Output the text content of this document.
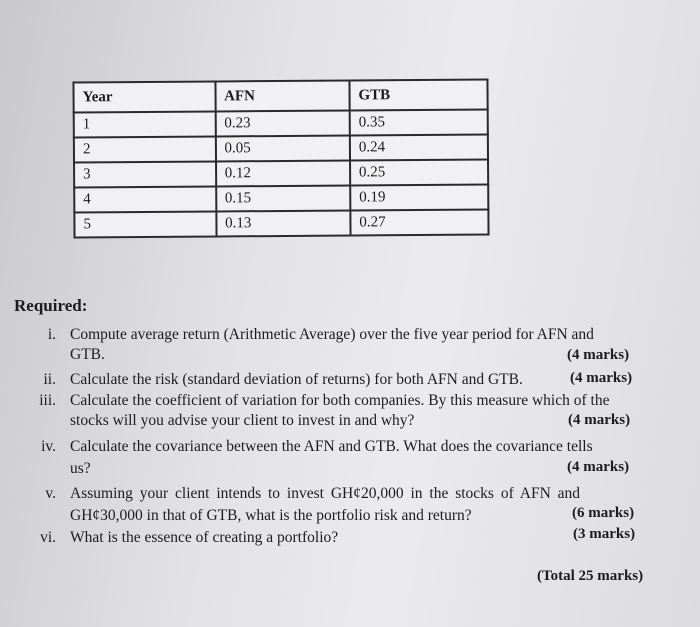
Year	AFN	GTB
1	0.23	0.35
2	0.05	0.24
3	0.12	0.25
4	0.15	0.19
5	0.13	0.27
Required:
i. Compute average return (Arithmetic Average) over the five year period for AFN and
GTB.	(4 marks)
ii. Calculate the risk (standard deviation of returns) for both AFN and GTB.	(4 marks)
iii. Calculate the coefficient of variation for both companies. By this measure which of the
stocks will you advise your client to invest in and why?	(4 marks)
iv. Calculate the covariance between the AFN and GTB. What does the covariance tells
us?	(4 marks)
v. Assuming your client intends to invest GH¢20,000 in the stocks of AFN and
GH¢30,000 in that of GTB, what is the portfolio risk and return?	(6 marks)
vi. What is the essence of creating a portfolio?	(3 marks)
(Total 25 marks)
